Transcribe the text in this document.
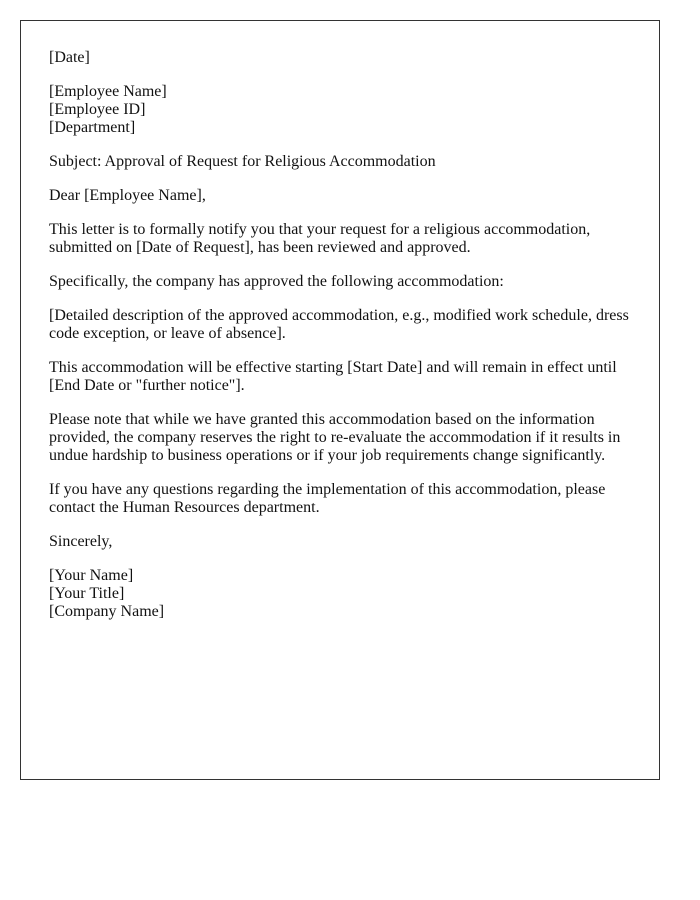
[Date]

[Employee Name]
[Employee ID]
[Department]

Subject: Approval of Request for Religious Accommodation

Dear [Employee Name],

This letter is to formally notify you that your request for a religious accommodation,
submitted on [Date of Request], has been reviewed and approved.

Specifically, the company has approved the following accommodation:

[Detailed description of the approved accommodation, e.g., modified work schedule, dress
code exception, or leave of absence].

This accommodation will be effective starting [Start Date] and will remain in effect until
[End Date or "further notice"].

Please note that while we have granted this accommodation based on the information
provided, the company reserves the right to re-evaluate the accommodation if it results in
undue hardship to business operations or if your job requirements change significantly.

If you have any questions regarding the implementation of this accommodation, please
contact the Human Resources department.

Sincerely,

[Your Name]
[Your Title]
[Company Name]
